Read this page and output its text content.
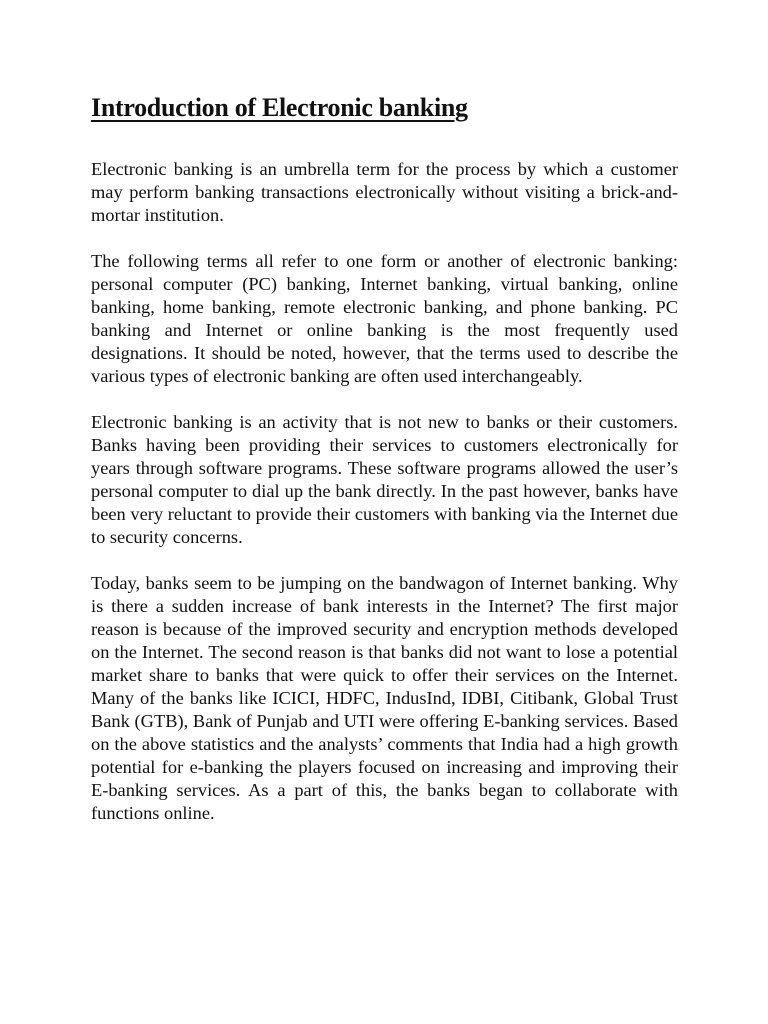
Introduction of Electronic banking

Electronic banking is an umbrella term for the process by which a customer may perform banking transactions electronically without visiting a brick-and-mortar institution.

The following terms all refer to one form or another of electronic banking: personal computer (PC) banking, Internet banking, virtual banking, online banking, home banking, remote electronic banking, and phone banking. PC banking and Internet or online banking is the most frequently used designations. It should be noted, however, that the terms used to describe the various types of electronic banking are often used interchangeably.

Electronic banking is an activity that is not new to banks or their customers. Banks having been providing their services to customers electronically for years through software programs. These software programs allowed the user’s personal computer to dial up the bank directly. In the past however, banks have been very reluctant to provide their customers with banking via the Internet due to security concerns.

Today, banks seem to be jumping on the bandwagon of Internet banking. Why is there a sudden increase of bank interests in the Internet? The first major reason is because of the improved security and encryption methods developed on the Internet. The second reason is that banks did not want to lose a potential market share to banks that were quick to offer their services on the Internet. Many of the banks like ICICI, HDFC, IndusInd, IDBI, Citibank, Global Trust Bank (GTB), Bank of Punjab and UTI were offering E-banking services. Based on the above statistics and the analysts’ comments that India had a high growth potential for e-banking the players focused on increasing and improving their E-banking services. As a part of this, the banks began to collaborate with functions online.
